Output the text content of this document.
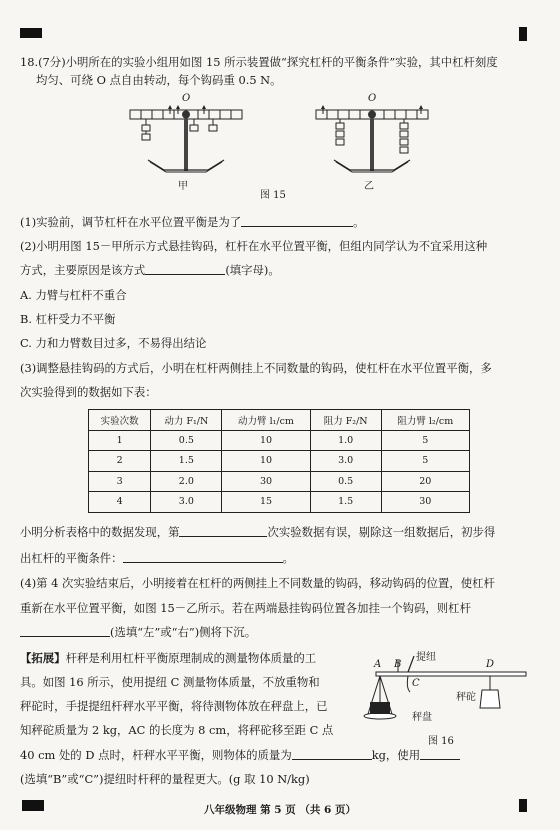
18.(7分)小明所在的实验小组用如图 15 所示装置做“探究杠杆的平衡条件”实验，其中杠杆刻度
均匀、可绕 O 点自由转动，每个钩码重 0.5 N。
O	O
甲	乙
图 15
(1)实验前，调节杠杆在水平位置平衡是为了	。
(2)小明用图 15－甲所示方式悬挂钩码，杠杆在水平位置平衡，但组内同学认为不宜采用这种
方式，主要原因是该方式	(填字母)。
A. 力臂与杠杆不重合
B. 杠杆受力不平衡
C. 力和力臂数目过多，不易得出结论
(3)调整悬挂钩码的方式后，小明在杠杆两侧挂上不同数量的钩码，使杠杆在水平位置平衡，多
次实验得到的数据如下表：
实验次数	动力 F₁/N	动力臂 l₁/cm	阻力 F₂/N	阻力臂 l₂/cm
1	0.5	10	1.0	5
2	1.5	10	3.0	5
3	2.0	30	0.5	20
4	3.0	15	1.5	30
小明分析表格中的数据发现，第	次实验数据有误，剔除这一组数据后，初步得
出杠杆的平衡条件：	。
(4)第 4 次实验结束后，小明接着在杠杆的两侧挂上不同数量的钩码，移动钩码的位置，使杠杆
重新在水平位置平衡，如图 15－乙所示。若在两端悬挂钩码位置各加挂一个钩码，则杠杆
(选填“左”或“右”)侧将下沉。
【拓展】杆秤是利用杠杆平衡原理制成的测量物体质量的工
具。如图 16 所示，使用提纽 C 测量物体质量，不放重物和
秤砣时，手提提纽杆秤水平平衡，将待测物体放在秤盘上，已
知秤砣质量为 2 kg，AC 的长度为 8 cm，将秤砣移至距 C 点
40 cm 处的 D 点时，杆秤水平平衡，则物体的质量为	kg，使用
(选填“B”或“C”)提纽时杆秤的量程更大。(g 取 10 N/kg)
A B
C
D
提纽
秤砣
秤盘
图 16
八年级物理 第 5 页 （共 6 页）
